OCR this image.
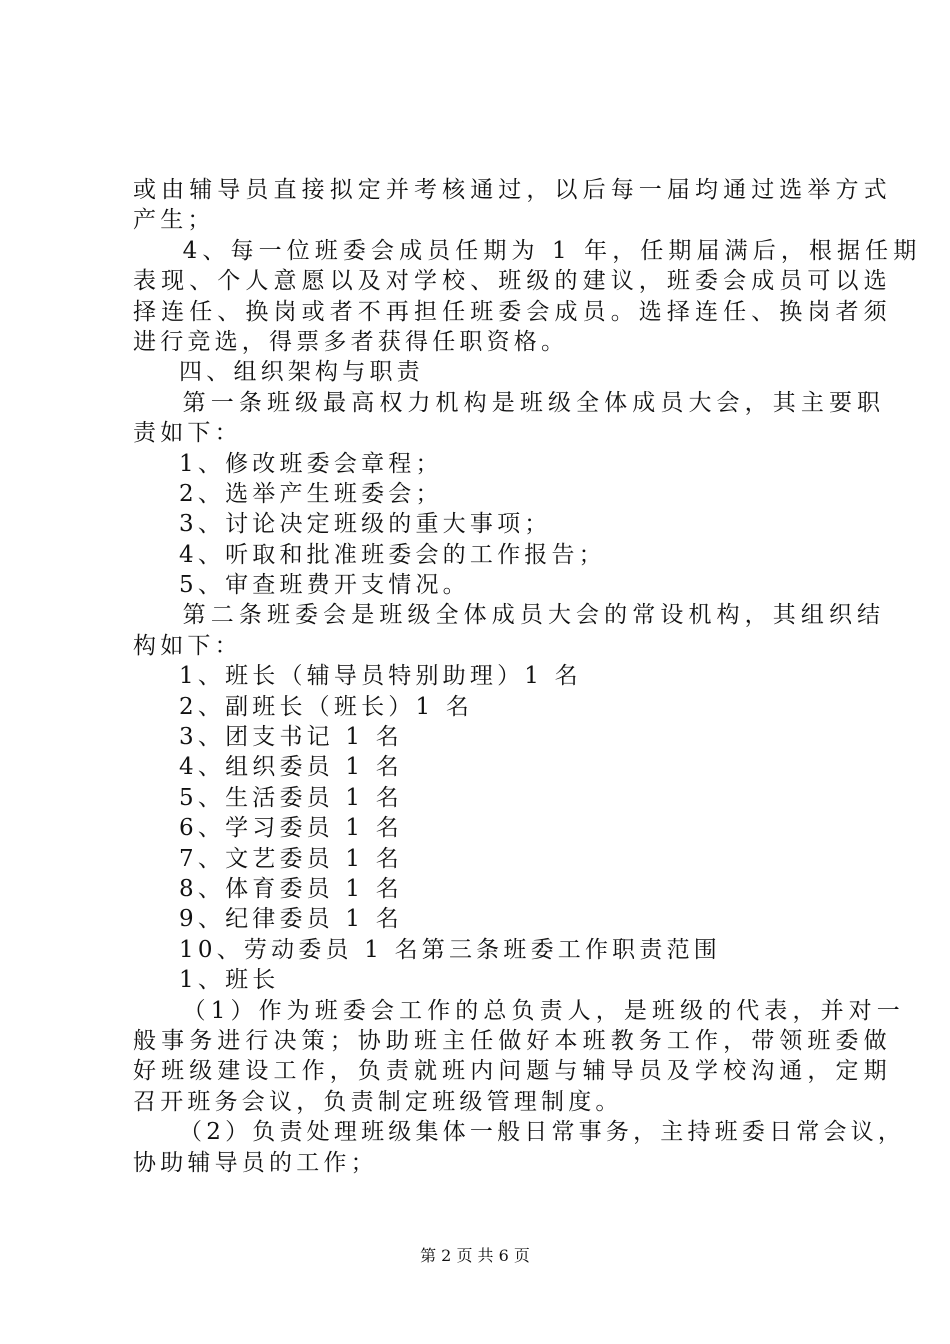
或由辅导员直接拟定并考核通过，以后每一届均通过选举方式
产生；
4、每一位班委会成员任期为 1 年，任期届满后，根据任期
表现、个人意愿以及对学校、班级的建议，班委会成员可以选
择连任、换岗或者不再担任班委会成员。选择连任、换岗者须
进行竞选，得票多者获得任职资格。
四、组织架构与职责
第一条班级最高权力机构是班级全体成员大会，其主要职
责如下：
1、修改班委会章程；
2、选举产生班委会；
3、讨论决定班级的重大事项；
4、听取和批准班委会的工作报告；
5、审查班费开支情况。
第二条班委会是班级全体成员大会的常设机构，其组织结
构如下：
1、班长（辅导员特别助理）1 名
2、副班长（班长）1 名
3、团支书记 1 名
4、组织委员 1 名
5、生活委员 1 名
6、学习委员 1 名
7、文艺委员 1 名
8、体育委员 1 名
9、纪律委员 1 名
10、劳动委员 1 名第三条班委工作职责范围
1、班长
（1）作为班委会工作的总负责人，是班级的代表，并对一
般事务进行决策；协助班主任做好本班教务工作，带领班委做
好班级建设工作，负责就班内问题与辅导员及学校沟通，定期
召开班务会议，负责制定班级管理制度。
（2）负责处理班级集体一般日常事务，主持班委日常会议，
协助辅导员的工作；
第 2 页 共 6 页
